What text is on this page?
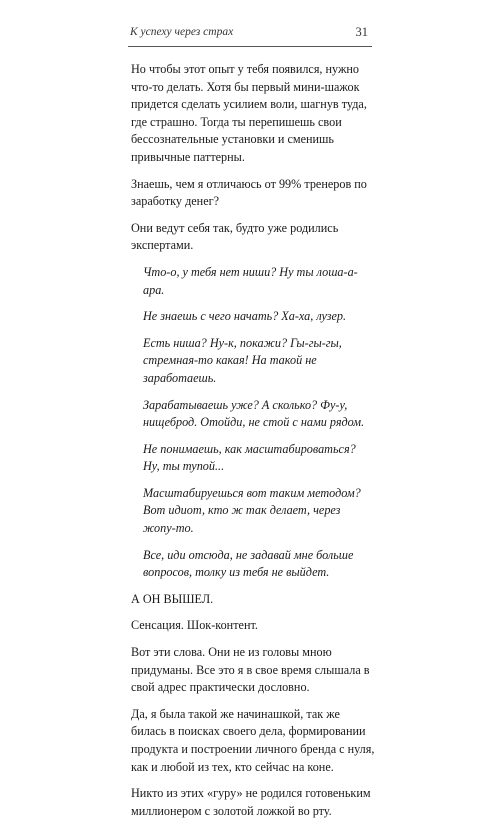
К успеху через страх	31

Но чтобы этот опыт у тебя появился, нужно что-то делать. Хотя бы первый мини-шажок придется сделать усилием воли, шагнув туда, где страшно. Тогда ты перепишешь свои бессознательные установки и сменишь привычные паттерны.

Знаешь, чем я отличаюсь от 99% тренеров по заработку денег?

Они ведут себя так, будто уже родились экспертами.

Что-о, у тебя нет ниши? Ну ты лоша-а-ара.

Не знаешь с чего начать? Ха-ха, лузер.

Есть ниша? Ну-к, покажи? Гы-гы-гы, стремная-то какая! На такой не заработаешь.

Зарабатываешь уже? А сколько? Фу-у, нищеброд. Отойди, не стой с нами рядом.

Не понимаешь, как масштабироваться? Ну, ты тупой...

Масштабируешься вот таким методом? Вот идиот, кто ж так делает, через жопу-то.

Все, иди отсюда, не задавай мне больше вопросов, толку из тебя не выйдет.

А ОН ВЫШЕЛ.

Сенсация. Шок-контент.

Вот эти слова. Они не из головы мною придуманы. Все это я в свое время слышала в свой адрес практически дословно.

Да, я была такой же начинашкой, так же билась в поисках своего дела, формировании продукта и построении личного бренда с нуля, как и любой из тех, кто сейчас на коне.

Никто из этих «гуру» не родился готовеньким миллионером с золотой ложкой во рту.
